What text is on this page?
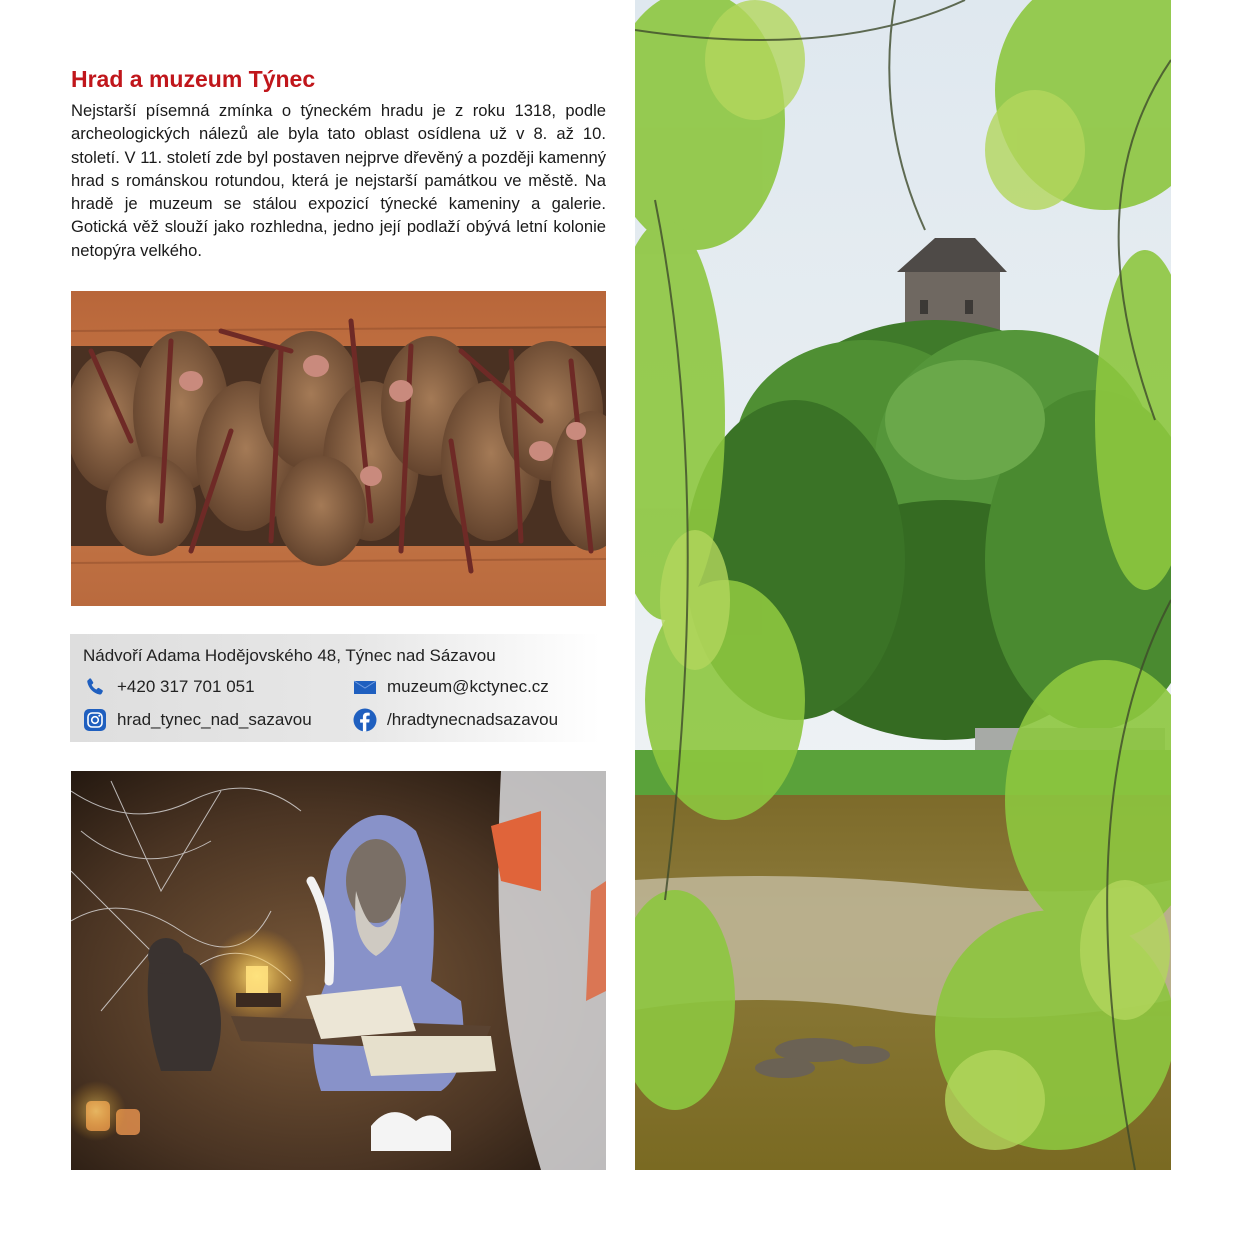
Hrad a muzeum Týnec

Nejstarší písemná zmínka o týneckém hradu je z roku 1318, podle archeologických nálezů ale byla tato oblast osídlena už v 8. až 10. století. V 11. století zde byl postaven nejprve dřevěný a později kamenný hrad s románskou rotundou, která je nejstarší památkou ve městě. Na hradě je muzeum se stálou expozicí týnecké kameniny a galerie. Gotická věž slouží jako rozhledna, jedno její podlaží obývá letní kolonie netopýra velkého.

Nádvoří Adama Hodějovského 48, Týnec nad Sázavou
+420 317 701 051	muzeum@kctynec.cz
hrad_tynec_nad_sazavou	/hradtynecnadsazavou
